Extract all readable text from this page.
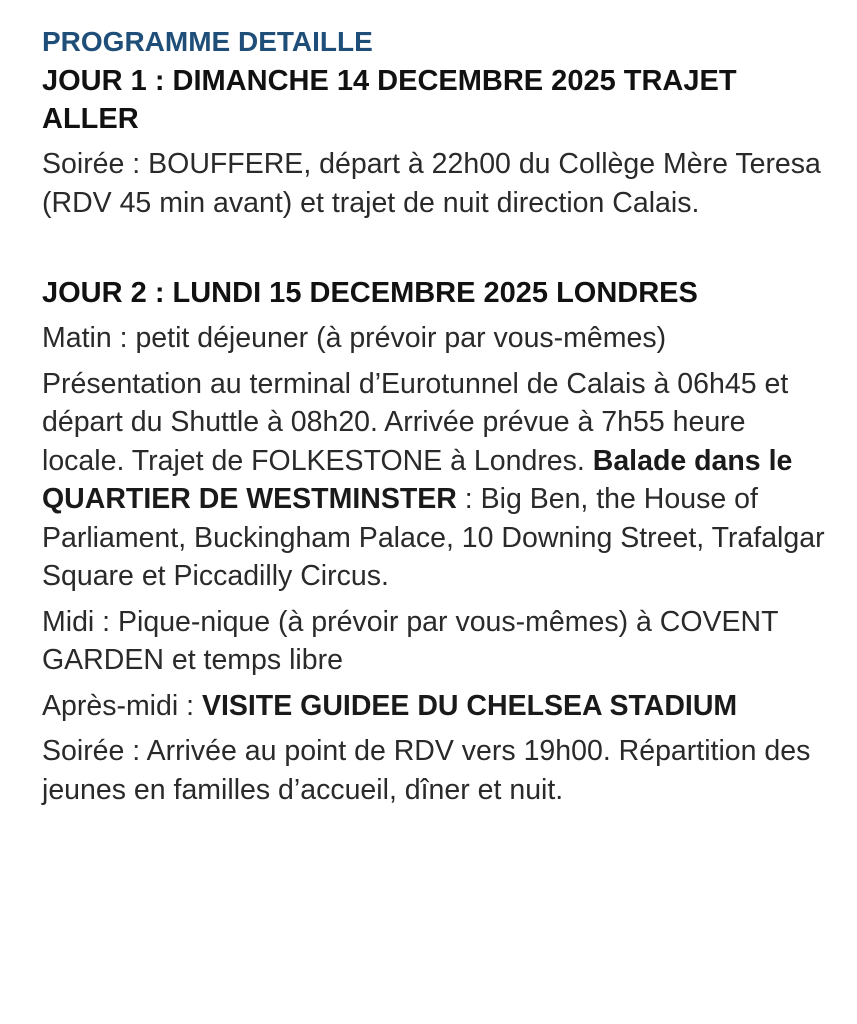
PROGRAMME DETAILLE
JOUR 1 : DIMANCHE 14 DECEMBRE 2025 TRAJET ALLER

Soirée : BOUFFERE, départ à 22h00 du Collège Mère Teresa (RDV 45 min avant) et trajet de nuit direction Calais.

JOUR 2 : LUNDI 15 DECEMBRE 2025 LONDRES

Matin : petit déjeuner (à prévoir par vous-mêmes)

Présentation au terminal d’Eurotunnel de Calais à 06h45 et départ du Shuttle à 08h20. Arrivée prévue à 7h55 heure locale. Trajet de FOLKESTONE à Londres. Balade dans le QUARTIER DE WESTMINSTER : Big Ben, the House of Parliament, Buckingham Palace, 10 Downing Street, Trafalgar Square et Piccadilly Circus.

Midi : Pique-nique (à prévoir par vous-mêmes) à COVENT GARDEN et temps libre

Après-midi : VISITE GUIDEE DU CHELSEA STADIUM

Soirée : Arrivée au point de RDV vers 19h00. Répartition des jeunes en familles d’accueil, dîner et nuit.
